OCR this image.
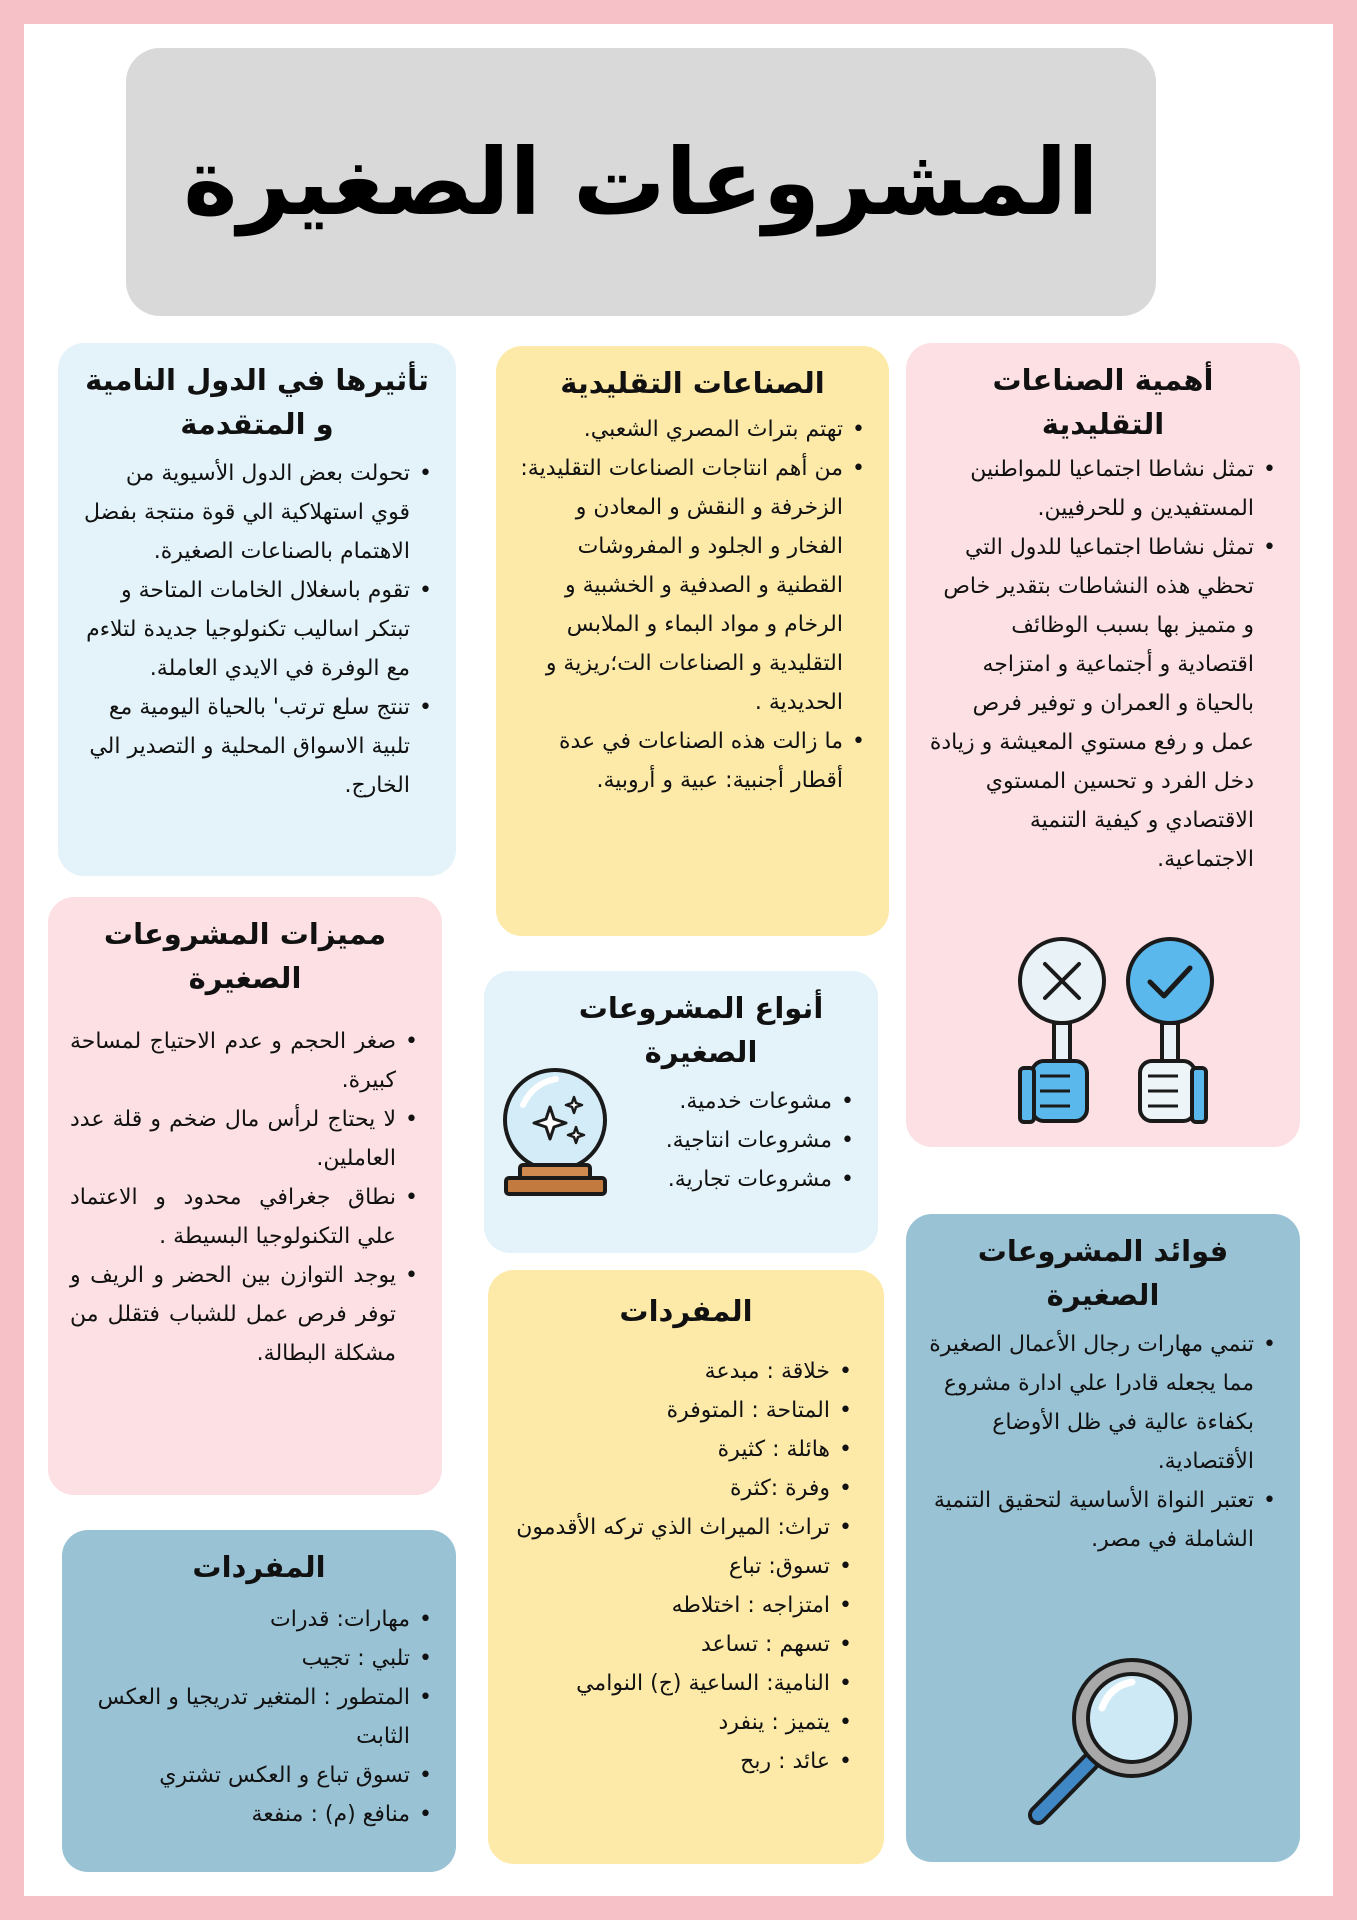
المشروعات الصغيرة
أهمية الصناعات التقليدية
• تمثل نشاطا اجتماعيا للمواطنين المستفيدين و للحرفيين.
• تمثل نشاطا اجتماعيا للدول التي تحظي هذه النشاطات بتقدير خاص و متميز بها بسبب الوظائف اقتصادية و أجتماعية و امتزاجه بالحياة و العمران و توفير فرص عمل و رفع مستوي المعيشة و زيادة دخل الفرد و تحسين المستوي الاقتصادي و كيفية التنمية الاجتماعية.
الصناعات التقليدية
• تهتم بتراث المصري الشعبي.
• من أهم انتاجات الصناعات التقليدية: الزخرفة و النقش و المعادن و الفخار و الجلود و المفروشات القطنية و الصدفية و الخشبية و الرخام و مواد البماء و الملابس التقليدية و الصناعات الت؛ريزية و الحديدية .
• ما زالت هذه الصناعات في عدة أقطار أجنبية: عبية و أروبية.
تأثيرها في الدول النامية و المتقدمة
• تحولت بعض الدول الأسيوية من قوي استهلاكية الي قوة منتجة بفضل الاهتمام بالصناعات الصغيرة.
• تقوم باسغلال الخامات المتاحة و تبتكر اساليب تكنولوجيا جديدة لتلاءم مع الوفرة في الايدي العاملة.
• تنتج سلع ترتب' بالحياة اليومية مع تلبية الاسواق المحلية و التصدير الي الخارج.
مميزات المشروعات الصغيرة
• صغر الحجم و عدم الاحتياج لمساحة كبيرة.
• لا يحتاج لرأس مال ضخم و قلة عدد العاملين.
• نطاق جغرافي محدود و الاعتماد علي التكنولوجيا البسيطة .
• يوجد التوازن بين الحضر و الريف و توفر فرص عمل للشباب فتقلل من مشكلة البطالة.
أنواع المشروعات الصغيرة
• مشوعات خدمية.
• مشروعات انتاجية.
• مشروعات تجارية.
المفردات
• خلاقة : مبدعة
• المتاحة : المتوفرة
• هائلة : كثيرة
• وفرة :كثرة
• تراث: الميراث الذي تركه الأقدمون
• تسوق: تباع
• امتزاجه : اختلاطه
• تسهم : تساعد
• النامية: الساعية (ج) النوامي
• يتميز : ينفرد
• عائد : ربح
فوائد المشروعات الصغيرة
• تنمي مهارات رجال الأعمال الصغيرة مما يجعله قادرا علي ادارة مشروع بكفاءة عالية في ظل الأوضاع الأقتصادية.
• تعتبر النواة الأساسية لتحقيق التنمية الشاملة في مصر.
المفردات
• مهارات: قدرات
• تلبي : تجيب
• المتطور : المتغير تدريجيا و العكس الثابت
• تسوق تباع و العكس تشتري
• منافع (م) : منفعة
